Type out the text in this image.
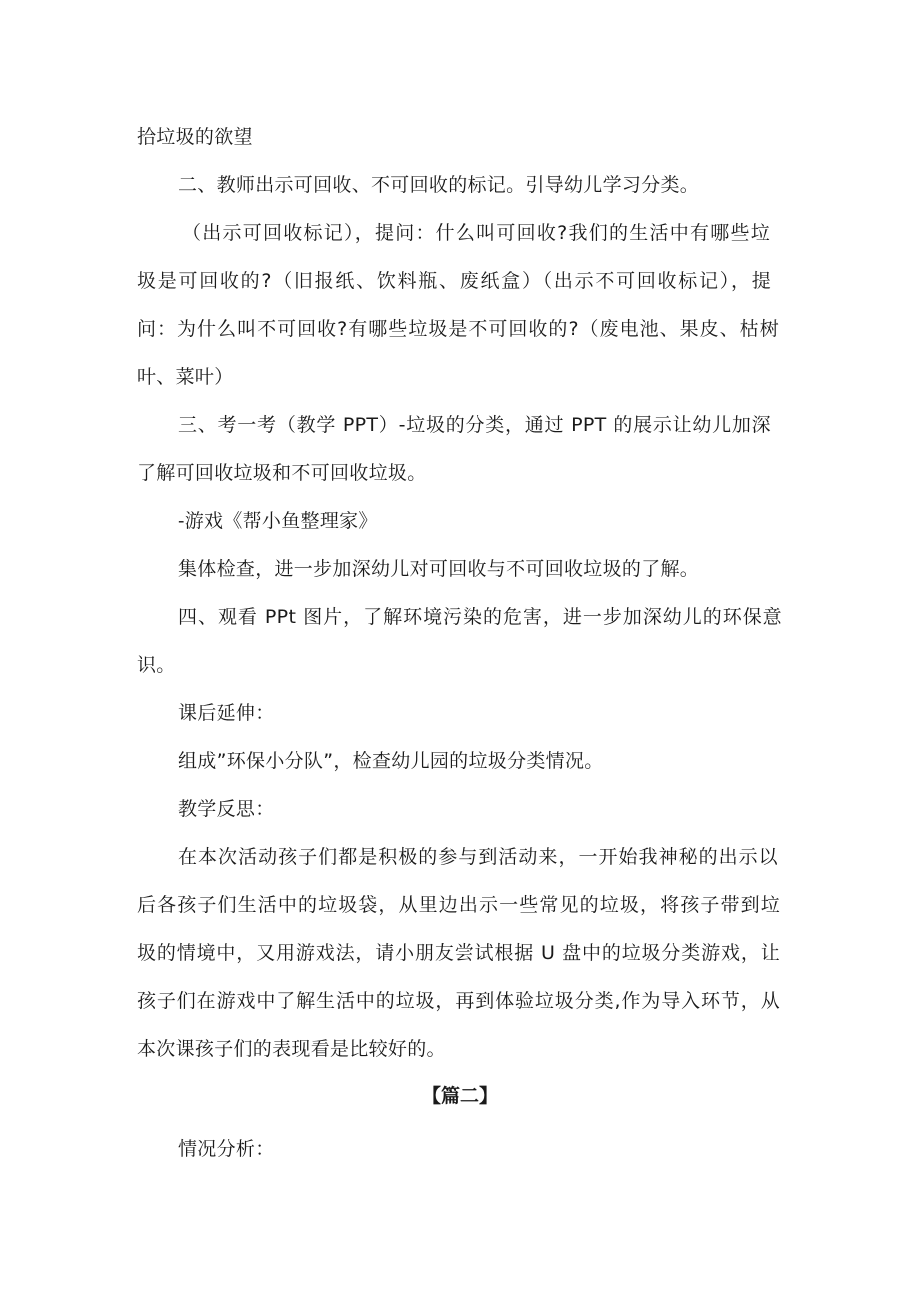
拾垃圾的欲望
二、教师出示可回收、不可回收的标记。引导幼儿学习分类。
（出示可回收标记），提问：什么叫可回收?我们的生活中有哪些垃
圾是可回收的?（旧报纸、饮料瓶、废纸盒）（出示不可回收标记），提
问：为什么叫不可回收?有哪些垃圾是不可回收的?（废电池、果皮、枯树
叶、菜叶）
三、考一考（教学 PPT）-垃圾的分类，通过 PPT 的展示让幼儿加深
了解可回收垃圾和不可回收垃圾。
-游戏《帮小鱼整理家》
集体检查，进一步加深幼儿对可回收与不可回收垃圾的了解。
四、观看 PPt 图片，了解环境污染的危害，进一步加深幼儿的环保意
识。
课后延伸：
组成”环保小分队”，检查幼儿园的垃圾分类情况。
教学反思：
在本次活动孩子们都是积极的参与到活动来，一开始我神秘的出示以
后各孩子们生活中的垃圾袋，从里边出示一些常见的垃圾，将孩子带到垃
圾的情境中，又用游戏法，请小朋友尝试根据 U 盘中的垃圾分类游戏，让
孩子们在游戏中了解生活中的垃圾，再到体验垃圾分类,作为导入环节，从
本次课孩子们的表现看是比较好的。
【篇二】
情况分析：
